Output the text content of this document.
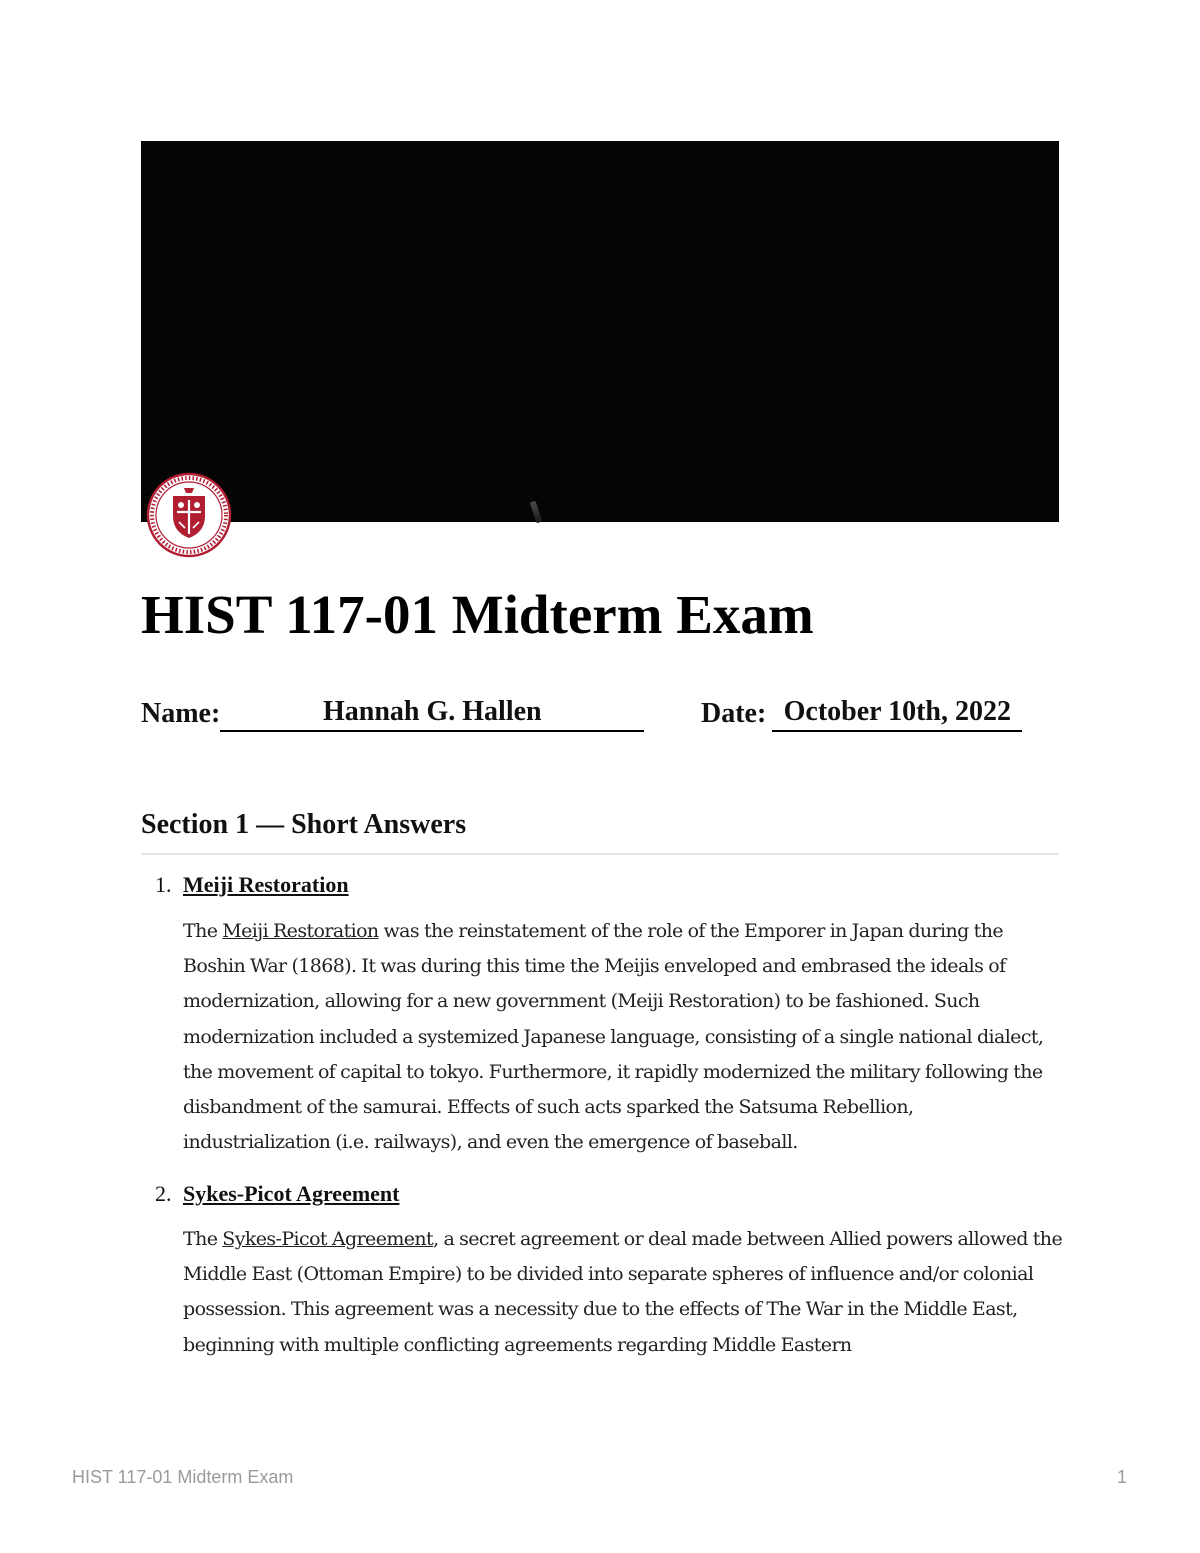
HIST 117-01 Midterm Exam
Name:	Hannah G. Hallen	Date: October 10th, 2022
Section 1 — Short Answers
1. Meiji Restoration

The Meiji Restoration was the reinstatement of the role of the Emporer in Japan during the Boshin War (1868). It was during this time the Meijis enveloped and embrased the ideals of modernization, allowing for a new government (Meiji Restoration) to be fashioned. Such modernization included a systemized Japanese language, consisting of a single national dialect, the movement of capital to tokyo. Furthermore, it rapidly modernized the military following the disbandment of the samurai. Effects of such acts sparked the Satsuma Rebellion, industrialization (i.e. railways), and even the emergence of baseball.

2. Sykes-Picot Agreement

The Sykes-Picot Agreement, a secret agreement or deal made between Allied powers allowed the Middle East (Ottoman Empire) to be divided into separate spheres of influence and/or colonial possession. This agreement was a necessity due to the effects of The War in the Middle East, beginning with multiple conflicting agreements regarding Middle Eastern

HIST 117-01 Midterm Exam	1
